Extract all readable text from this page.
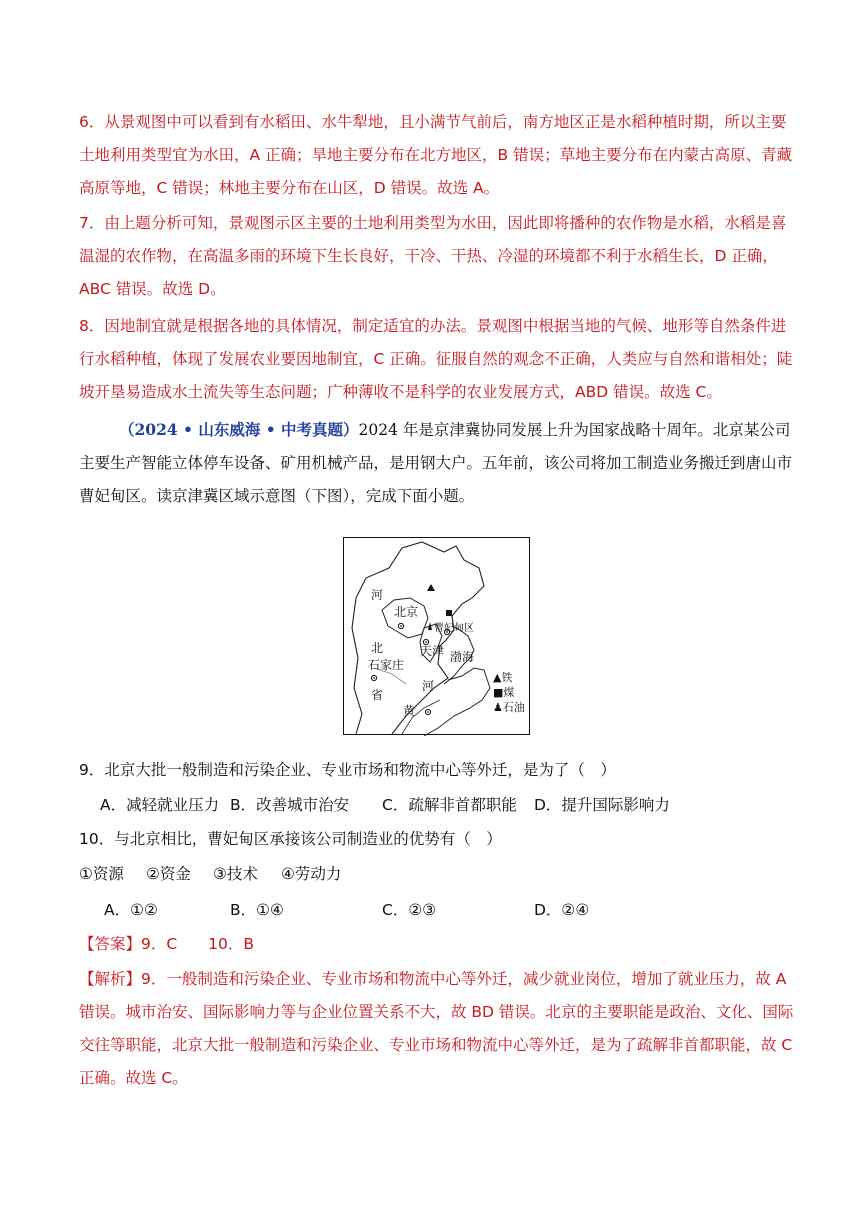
6．从景观图中可以看到有水稻田、水牛犁地，且小满节气前后，南方地区正是水稻种植时期，所以主要土地利用类型宜为水田，A 正确；旱地主要分布在北方地区，B 错误；草地主要分布在内蒙古高原、青藏高原等地，C 错误；林地主要分布在山区，D 错误。故选 A。

7．由上题分析可知，景观图示区主要的土地利用类型为水田，因此即将播种的农作物是水稻，水稻是喜温湿的农作物，在高温多雨的环境下生长良好，干冷、干热、冷湿的环境都不利于水稻生长，D 正确，ABC 错误。故选 D。

8．因地制宜就是根据各地的具体情况，制定适宜的办法。景观图中根据当地的气候、地形等自然条件进行水稻种植，体现了发展农业要因地制宜，C 正确。征服自然的观念不正确，人类应与自然和谐相处；陡坡开垦易造成水土流失等生态问题；广种薄收不是科学的农业发展方式，ABD 错误。故选 C。

（2024 • 山东威海 • 中考真题）2024 年是京津冀协同发展上升为国家战略十周年。北京某公司主要生产智能立体停车设备、矿用机械产品，是用钢大户。五年前，该公司将加工制造业务搬迁到唐山市曹妃甸区。读京津冀区域示意图（下图），完成下面小题。

河
北京
曹妃甸区
北	天津 渤海
石家庄
河
省
黄
▲铁
■煤
♟石油
9．北京大批一般制造和污染企业、专业市场和物流中心等外迁，是为了（　）
A．减轻就业压力 B．改善城市治安 C．疏解非首都职能 D．提升国际影响力
10．与北京相比，曹妃甸区承接该公司制造业的优势有（　）
①资源 ②资金 ③技术 ④劳动力
A．①②	B．①④	C．②③	D．②④
【答案】9．C　　10．B

【解析】9．一般制造和污染企业、专业市场和物流中心等外迁，减少就业岗位，增加了就业压力，故 A 错误。城市治安、国际影响力等与企业位置关系不大，故 BD 错误。北京的主要职能是政治、文化、国际交往等职能，北京大批一般制造和污染企业、专业市场和物流中心等外迁，是为了疏解非首都职能，故 C 正确。故选 C。
